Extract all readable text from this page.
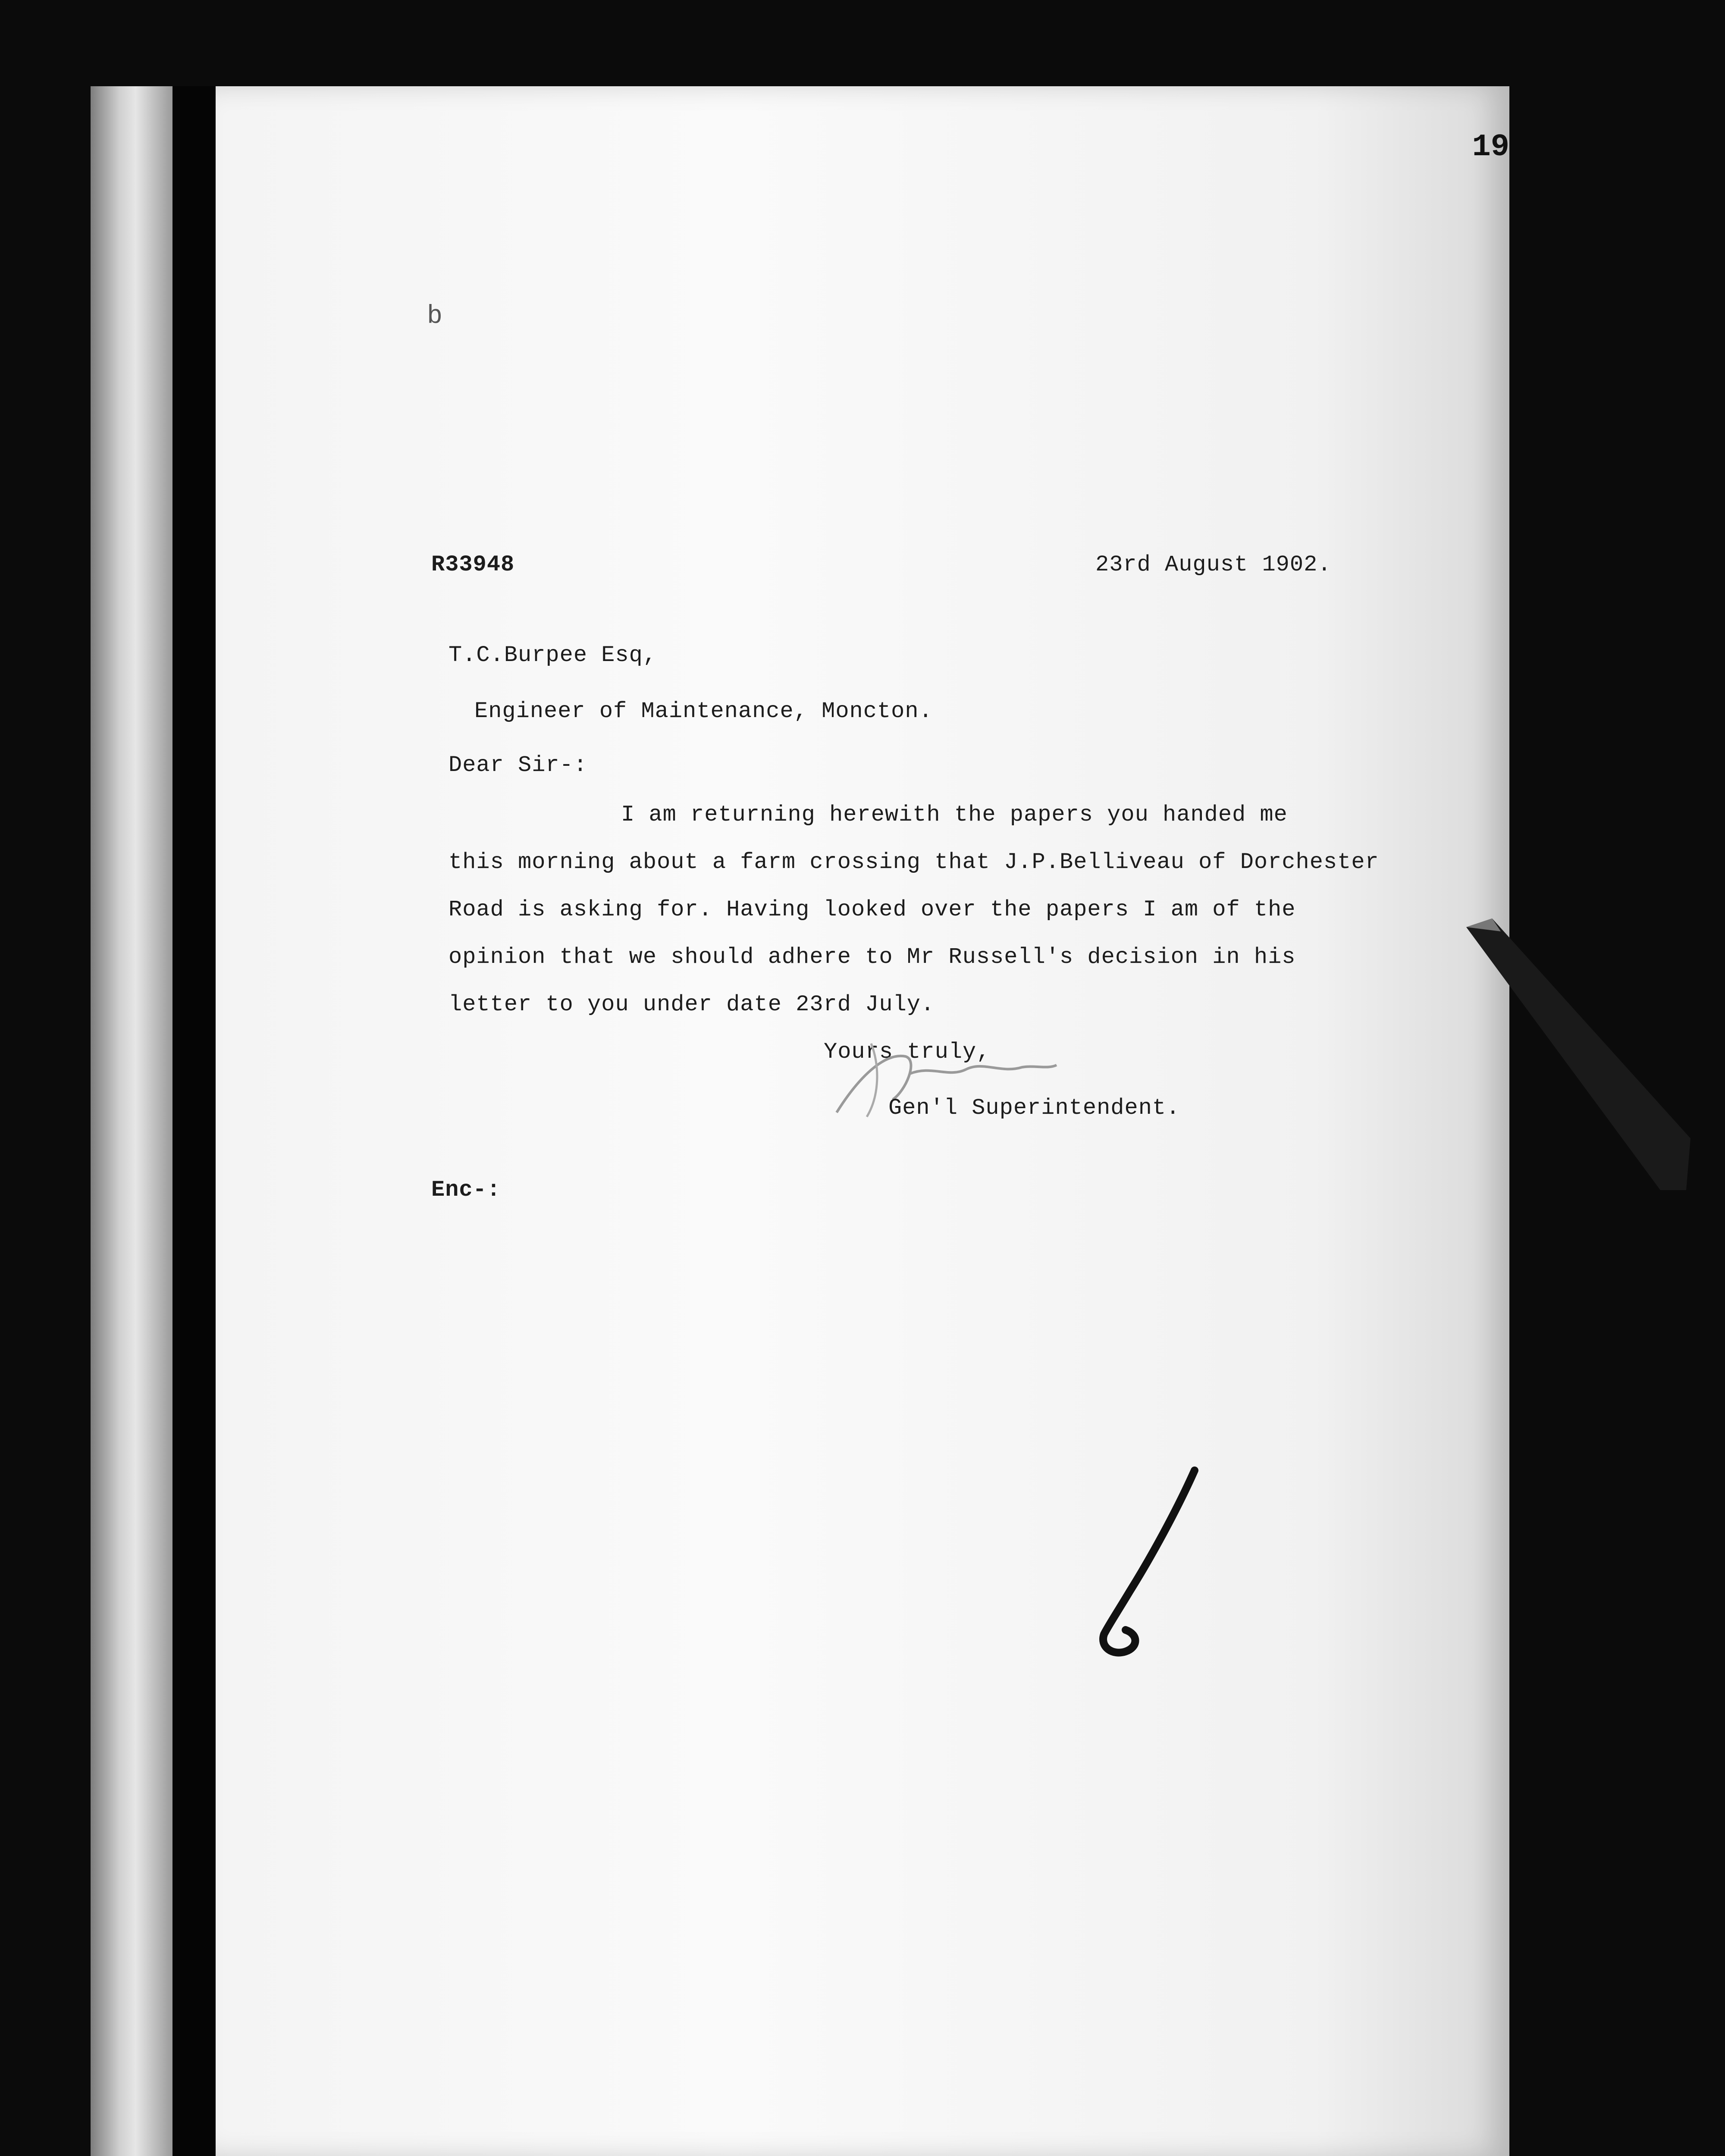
19
b
R33948	23rd August 1902.
T.C.Burpee Esq,
Engineer of Maintenance, Moncton.
Dear Sir-:
I am returning herewith the papers you handed me
this morning about a farm crossing that J.P.Belliveau of Dorchester
Road is asking for. Having looked over the papers I am of the
opinion that we should adhere to Mr Russell's decision in his
letter to you under date 23rd July.
Yours truly,
Gen'l Superintendent.
Enc-:
